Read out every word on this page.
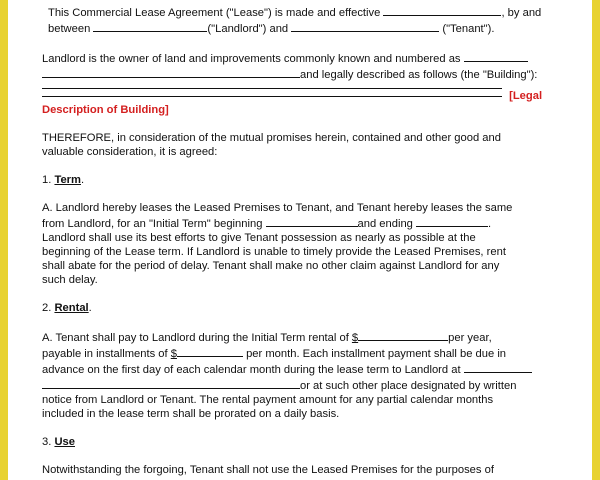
This Commercial Lease Agreement ("Lease") is made and effective	, by and

between	("Landlord") and	("Tenant").

Landlord is the owner of land and improvements commonly known and numbered as

and legally described as follows (the "Building"):

[Legal

Description of Building]

THEREFORE, in consideration of the mutual promises herein, contained and other good and

valuable consideration, it is agreed:

1. Term.

A. Landlord hereby leases the Leased Premises to Tenant, and Tenant hereby leases the same

from Landlord, for an "Initial Term" beginning	and ending	.

Landlord shall use its best efforts to give Tenant possession as nearly as possible at the

beginning of the Lease term. If Landlord is unable to timely provide the Leased Premises, rent

shall abate for the period of delay. Tenant shall make no other claim against Landlord for any

such delay.

2. Rental.

A. Tenant shall pay to Landlord during the Initial Term rental of $	per year,

payable in installments of $	per month. Each installment payment shall be due in

advance on the first day of each calendar month during the lease term to Landlord at

or at such other place designated by written

notice from Landlord or Tenant. The rental payment amount for any partial calendar months

included in the lease term shall be prorated on a daily basis.

3. Use

Notwithstanding the forgoing, Tenant shall not use the Leased Premises for the purposes of
